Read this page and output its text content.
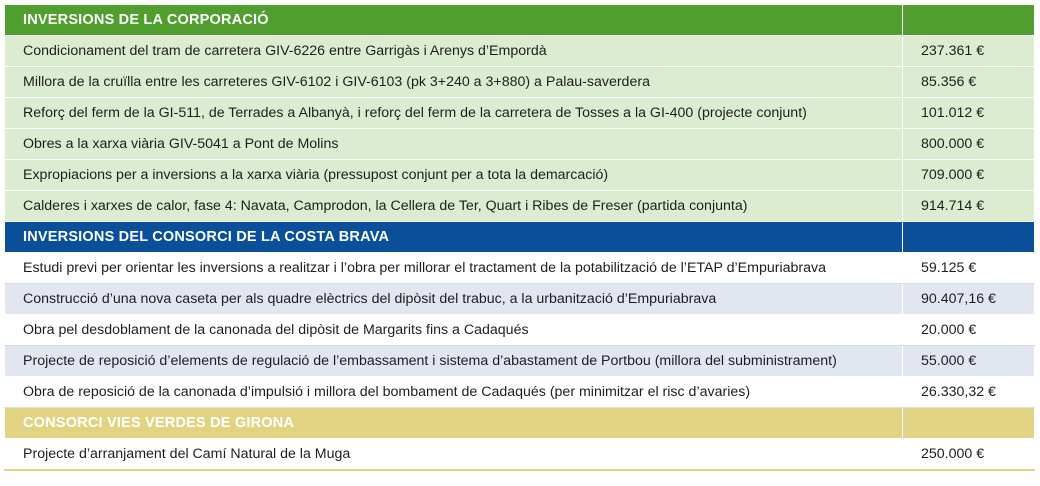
INVERSIONS DE LA CORPORACIÓ	
Condicionament del tram de carretera GIV-6226 entre Garrigàs i Arenys d’Empordà	237.361 €
Millora de la cruïlla entre les carreteres GIV-6102 i GIV-6103 (pk 3+240 a 3+880) a Palau-saverdera	85.356 €
Reforç del ferm de la GI-511, de Terrades a Albanyà, i reforç del ferm de la carretera de Tosses a la GI-400 (projecte conjunt)	101.012 €
Obres a la xarxa viària GIV-5041 a Pont de Molins	800.000 €
Expropiacions per a inversions a la xarxa viària (pressupost conjunt per a tota la demarcació)	709.000 €
Calderes i xarxes de calor, fase 4: Navata, Camprodon, la Cellera de Ter, Quart i Ribes de Freser (partida conjunta)	914.714 €
INVERSIONS DEL CONSORCI DE LA COSTA BRAVA	
Estudi previ per orientar les inversions a realitzar i l’obra per millorar el tractament de la potabilització de l’ETAP d’Empuriabrava	59.125 €
Construcció d’una nova caseta per als quadre elèctrics del dipòsit del trabuc, a la urbanització d’Empuriabrava	90.407,16 €
Obra pel desdoblament de la canonada del dipòsit de Margarits fins a Cadaqués	20.000 €
Projecte de reposició d’elements de regulació de l’embassament i sistema d’abastament de Portbou (millora del subministrament)	55.000 €
Obra de reposició de la canonada d’impulsió i millora del bombament de Cadaqués (per minimitzar el risc d’avaries)	26.330,32 €
CONSORCI VIES VERDES DE GIRONA	
Projecte d’arranjament del Camí Natural de la Muga	250.000 €
